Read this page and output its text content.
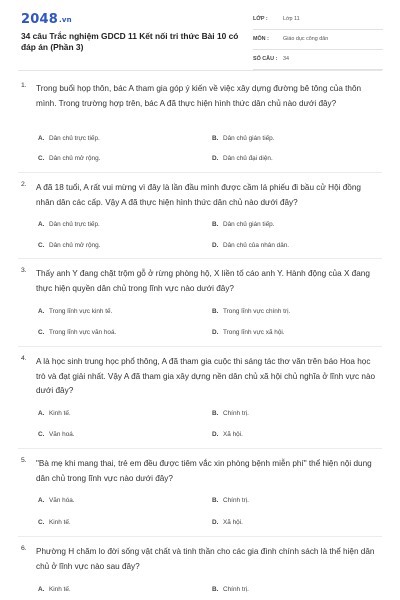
2048.vn
34 câu Trắc nghiệm GDCD 11 Kết nối tri thức Bài 10 có đáp án (Phần 3)
LỚP :	Lớp 11
MÔN :	Giáo dục công dân
SỐ CÂU : 34
1. Trong buổi họp thôn, bác A tham gia góp ý kiến về việc xây dựng đường bê tông của thôn mình. Trong trường hợp trên, bác A đã thực hiện hình thức dân chủ nào dưới đây?
A. Dân chủ trực tiếp.	B. Dân chủ gián tiếp.
C. Dân chủ mở rộng.	D. Dân chủ đại diện.
2. A đã 18 tuổi, A rất vui mừng vì đây là lần đầu mình được cầm lá phiếu đi bầu cử Hội đồng nhân dân các cấp. Vậy A đã thực hiện hình thức dân chủ nào dưới đây?
A. Dân chủ trực tiếp.	B. Dân chủ gián tiếp.
C. Dân chủ mở rộng.	D. Dân chủ của nhân dân.
3. Thấy anh Y đang chặt trộm gỗ ở rừng phòng hộ, X liền tố cáo anh Y. Hành động của X đang thực hiện quyền dân chủ trong lĩnh vực nào dưới đây?
A. Trong lĩnh vực kinh tế.	B. Trong lĩnh vực chính trị.
C. Trong lĩnh vực văn hoá.	D. Trong lĩnh vực xã hội.
4. A là học sinh trung học phổ thông, A đã tham gia cuộc thi sáng tác thơ văn trên báo Hoa học trò và đạt giải nhất. Vậy A đã tham gia xây dựng nền dân chủ xã hội chủ nghĩa ở lĩnh vực nào dưới đây?
A. Kinh tế.	B. Chính trị.
C. Văn hoá.	D. Xã hội.
5. "Bà mẹ khi mang thai, trẻ em đều được tiêm vắc xin phòng bệnh miễn phí" thể hiện nội dung dân chủ trong lĩnh vực nào dưới đây?
A. Văn hóa.	B. Chính trị.
C. Kinh tế.	D. Xã hội.
6. Phường H chăm lo đời sống vật chất và tinh thần cho các gia đình chính sách là thể hiện dân chủ ở lĩnh vực nào sau đây?
A. Kinh tế.	B. Chính trị.
